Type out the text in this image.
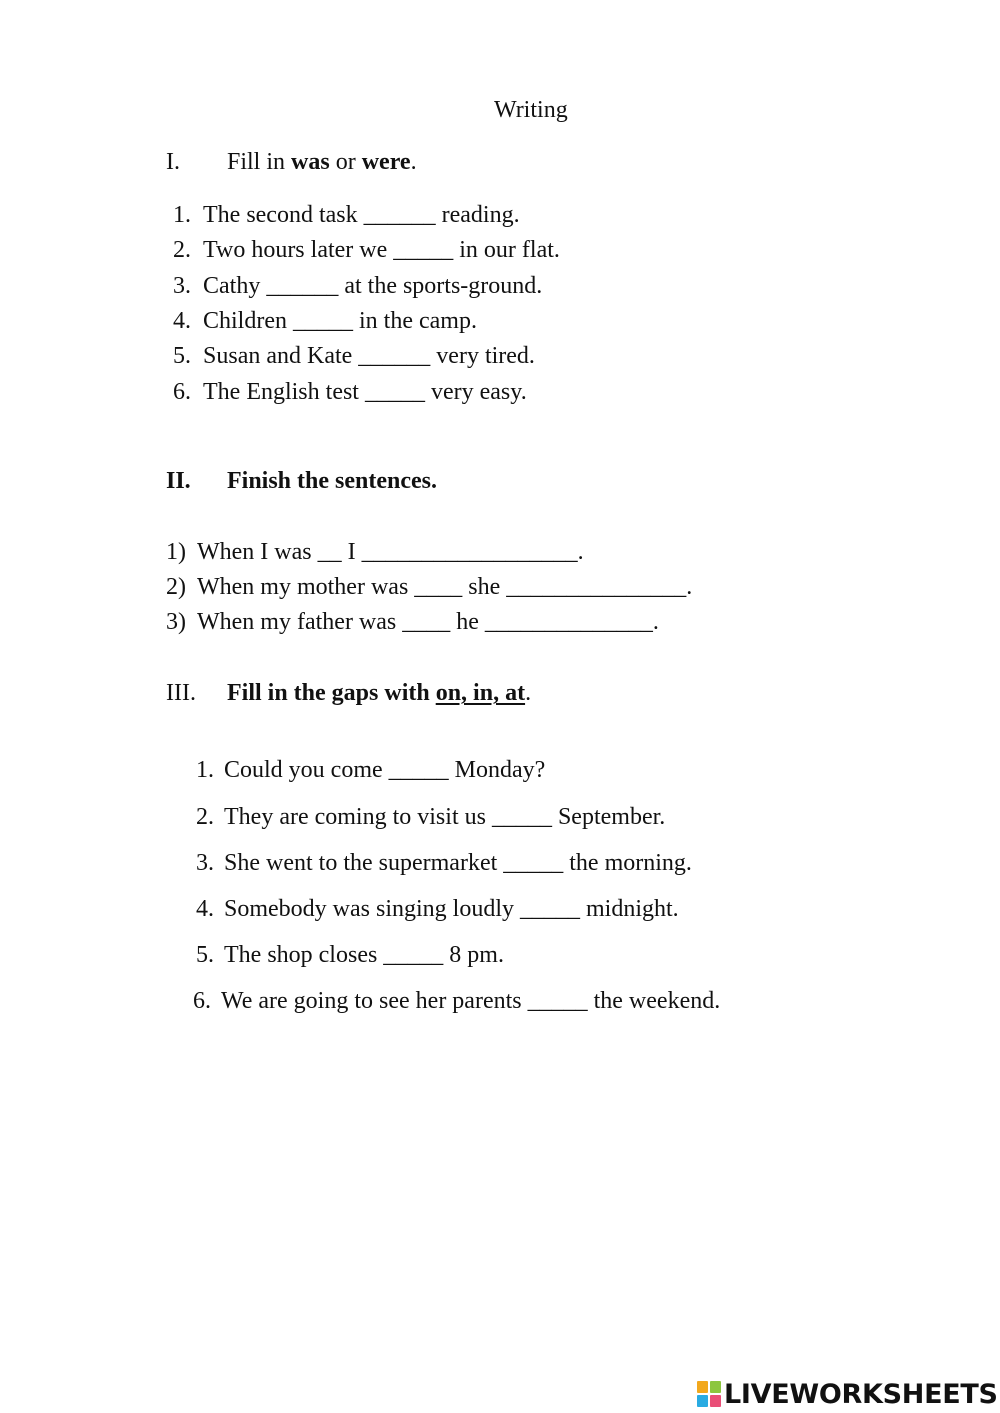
Writing
I. Fill in was or were.
1. The second task ______ reading.
2. Two hours later we _____ in our flat.
3. Cathy ______ at the sports-ground.
4. Children _____ in the camp.
5. Susan and Kate ______ very tired.
6. The English test _____ very easy.
II. Finish the sentences.
1) When I was __ I __________________.
2) When my mother was ____ she _______________.
3) When my father was ____ he ______________.
III. Fill in the gaps with on, in, at.
1. Could you come _____ Monday?
2. They are coming to visit us _____ September.
3. She went to the supermarket _____ the morning.
4. Somebody was singing loudly _____ midnight.
5. The shop closes _____ 8 pm.
6. We are going to see her parents _____ the weekend.
LIVEWORKSHEETS
